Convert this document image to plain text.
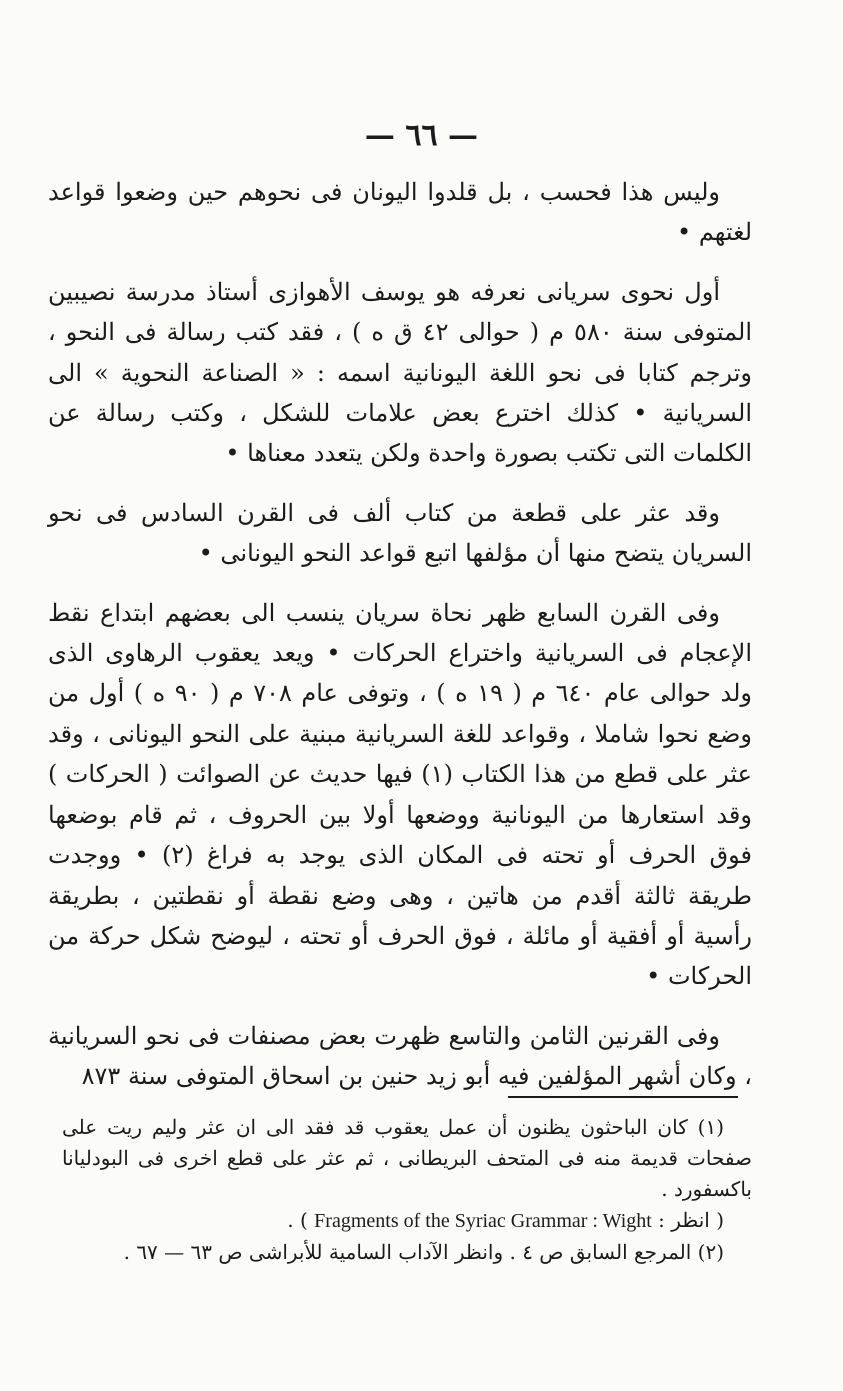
— ٦٦ —

وليس هذا فحسب ، بل قلدوا اليونان فى نحوهم حين وضعوا قواعد لغتهم •

أول نحوى سريانى نعرفه هو يوسف الأهوازى أستاذ مدرسة نصيبين المتوفى سنة ٥٨٠ م ( حوالى ٤٢ ق ه ) ، فقد كتب رسالة فى النحو ، وترجم كتابا فى نحو اللغة اليونانية اسمه : « الصناعة النحوية » الى السريانية • كذلك اخترع بعض علامات للشكل ، وكتب رسالة عن الكلمات التى تكتب بصورة واحدة ولكن يتعدد معناها •

وقد عثر على قطعة من كتاب ألف فى القرن السادس فى نحو السريان يتضح منها أن مؤلفها اتبع قواعد النحو اليونانى •

وفى القرن السابع ظهر نحاة سريان ينسب الى بعضهم ابتداع نقط الإعجام فى السريانية واختراع الحركات • ويعد يعقوب الرهاوى الذى ولد حوالى عام ٦٤٠ م ( ١٩ ه ) ، وتوفى عام ٧٠٨ م ( ٩٠ ه ) أول من وضع نحوا شاملا ، وقواعد للغة السريانية مبنية على النحو اليونانى ، وقد عثر على قطع من هذا الكتاب (١) فيها حديث عن الصوائت ( الحركات ) وقد استعارها من اليونانية ووضعها أولا بين الحروف ، ثم قام بوضعها فوق الحرف أو تحته فى المكان الذى يوجد به فراغ (٢) • ووجدت طريقة ثالثة أقدم من هاتين ، وهى وضع نقطة أو نقطتين ، بطريقة رأسية أو أفقية أو مائلة ، فوق الحرف أو تحته ، ليوضح شكل حركة من الحركات •

وفى القرنين الثامن والتاسع ظهرت بعض مصنفات فى نحو السريانية ، وكان أشهر المؤلفين فيه أبو زيد حنين بن اسحاق المتوفى سنة ٨٧٣

(١) كان الباحثون يظنون أن عمل يعقوب قد فقد الى ان عثر وليم ريت على صفحات قديمة منه فى المتحف البريطانى ، ثم عثر على قطع اخرى فى البودليانا باكسفورد .

( انظر : Fragments of the Syriac Grammar : Wight ) .

(٢) المرجع السابق ص ٤ . وانظر الآداب السامية للأبراشى ص ٦٣ — ٦٧ .
